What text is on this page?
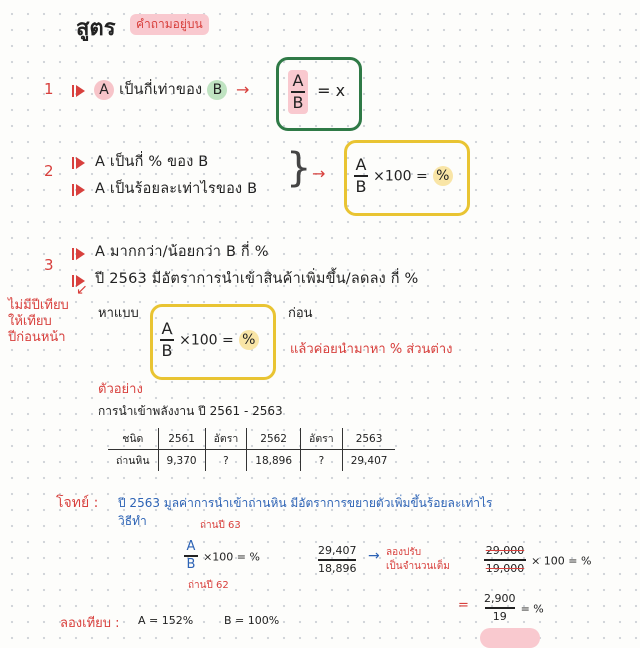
สูตร	คำถามอยู่บน
1	A เป็นกี่เท่าของ $B \to \frac{A}{B} = x$
2	A เป็นกี่ % ของ B
A เป็นร้อยละเท่าไรของ B } → $\frac{A}{B} \times 100$ = %
3
A มากกว่า/น้อยกว่า B กี่ %
ปี 2563 มีอัตราการนำเข้าสินค้าเพิ่มขึ้น/ลดลง กี่ %
ไม่มีปีเทียบ
ให้เทียบ
ปีก่อนหน้า
↙
หาแบบ	ก่อน
$\frac{A}{B} \times 100$ = %
แล้วค่อยนำมาหา % ส่วนต่าง
ตัวอย่าง
การนำเข้าพลังงาน ปี 2561 - 2563
ชนิด	2561	อัตรา	2562	อัตรา	2563
ถ่านหิน	9,370	?	18,896	?	29,407
โจทย์ : ปี 2563 มูลค่าการนำเข้าถ่านหิน มีอัตราการขยายตัวเพิ่มขึ้นร้อยละเท่าไร
วิธีทำ	ถ่านปี 63
$\frac{A}{B} \times 100$ = %
ถ่านปี 62
$\frac{29,407}{18,896}$ → ลองปรับ
เป็นจำนวนเต็ม	$\frac{29,000}{19,000} \times 100$ = %
= $\frac{2,900}{19}$ = %
ลองเทียบ : A = 152%	B = 100%
